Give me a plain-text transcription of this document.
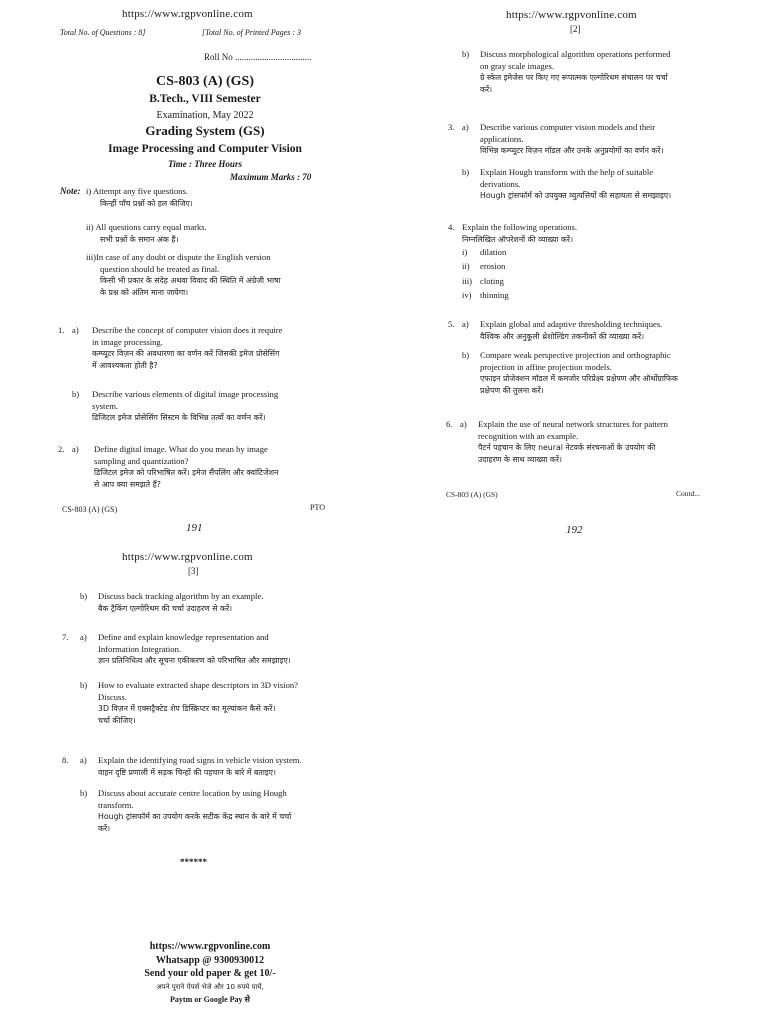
https://www.rgpvonline.com
Total No. of Questions : 8]	[Total No. of Printed Pages : 3
Roll No ..................................
CS-803 (A) (GS)
B.Tech., VIII Semester
Examination, May 2022
Grading System (GS)
Image Processing and Computer Vision
Time : Three Hours
Maximum Marks : 70
Note: i) Attempt any five questions.
किन्हीं पाँच प्रश्नों को हल कीजिए।
ii) All questions carry equal marks.
सभी प्रश्नों के समान अंक हैं।
iii)In case of any doubt or dispute the English version
question should be treated as final.
किसी भी प्रकार के संदेह अथवा विवाद की स्थिति में अंग्रेजी भाषा
के प्रश्न को अंतिम माना जायेगा।
1. a) Describe the concept of computer vision does it require
in image processing.
कम्प्यूटर विज़न की अवधारणा का वर्णन करें जिसकी इमेज प्रोसेसिंग
में आवश्यकता होती है?
b) Describe various elements of digital image processing
system.
डिजिटल इमेज प्रोसेसिंग सिस्टम के विभिन्न तत्वों का वर्णन करें।
2. a) Define digital image. What do you mean by image
sampling and quantization?
डिजिटल इमेज को परिभाषित करें। इमेज सैंपलिंग और क्वांटिजेशन
से आप क्या समझते हैं?
CS-803 (A) (GS)	PTO
191
https://www.rgpvonline.com
[2]
b) Discuss morphological algorithm operations performed
on gray scale images.
ग्रे स्केल इमेजेस पर किए गए रूपात्मक एल्गोरिथम संचालन पर चर्चा
करें।
3. a) Describe various computer vision models and their
applications.
विभिन्न कम्प्यूटर विज़न मॉडल और उनके अनुप्रयोगों का वर्णन करें।
b) Explain Hough transform with the help of suitable
derivations.
Hough ट्रांसफॉर्म को उपयुक्त व्युत्पत्तियों की सहायता से समझाइए।
4. Explain the following operations.
निम्नलिखित ऑपरेशनों की व्याख्या करें।
i) dilation
ii) erosion
iii) cloting
iv) thinning
5. a) Explain global and adaptive thresholding techniques.
वैश्विक और अनुकूली थ्रेशोल्डिंग तकनीकों की व्याख्या करें।
b) Compare weak perspective projection and orthographic
projection in affine projection models.
एफाइन प्रोजेक्शन मॉडल में कमजोर परिप्रेक्ष्य प्रक्षेपण और ऑर्थोग्राफिक
प्रक्षेपण की तुलना करें।
6. a) Explain the use of neural network structures for pattern
recognition with an example.
पैटर्न पहचान के लिए neural नेटवर्क संरचनाओं के उपयोग की
उदाहरण के साथ व्याख्या करें।
CS-803 (A) (GS)	Contd...
192
https://www.rgpvonline.com
[3]
b) Discuss back tracking algorithm by an example.
बैक ट्रैकिंग एल्गोरिथम की चर्चा उदाहरण से करें।
7. a) Define and explain knowledge representation and
Information Integration.
ज्ञान प्रतिनिधित्व और सूचना एकीकरण को परिभाषित और समझाइए।
b) How to evaluate extracted shape descriptors in 3D vision?
Discuss.
3D विज़न में एक्सट्रैक्टेड शेप डिस्क्रिप्टर का मूल्यांकन कैसे करें।
चर्चा कीजिए।
8. a) Explain the identifying road signs in vehicle vision system.
वाहन दृष्टि प्रणाली में सड़क चिन्हों की पहचान के बारे में बताइए।
b) Discuss about accurate centre location by using Hough
transform.
Hough ट्रांसफॉर्म का उपयोग करके सटीक केंद्र स्थान के बारे में चर्चा
करें।
******
https://www.rgpvonline.com
Whatsapp @ 9300930012
Send your old paper & get 10/-
अपने पुराने पेपर्स भेजे और 10 रुपये पायें,
Paytm or Google Pay से
